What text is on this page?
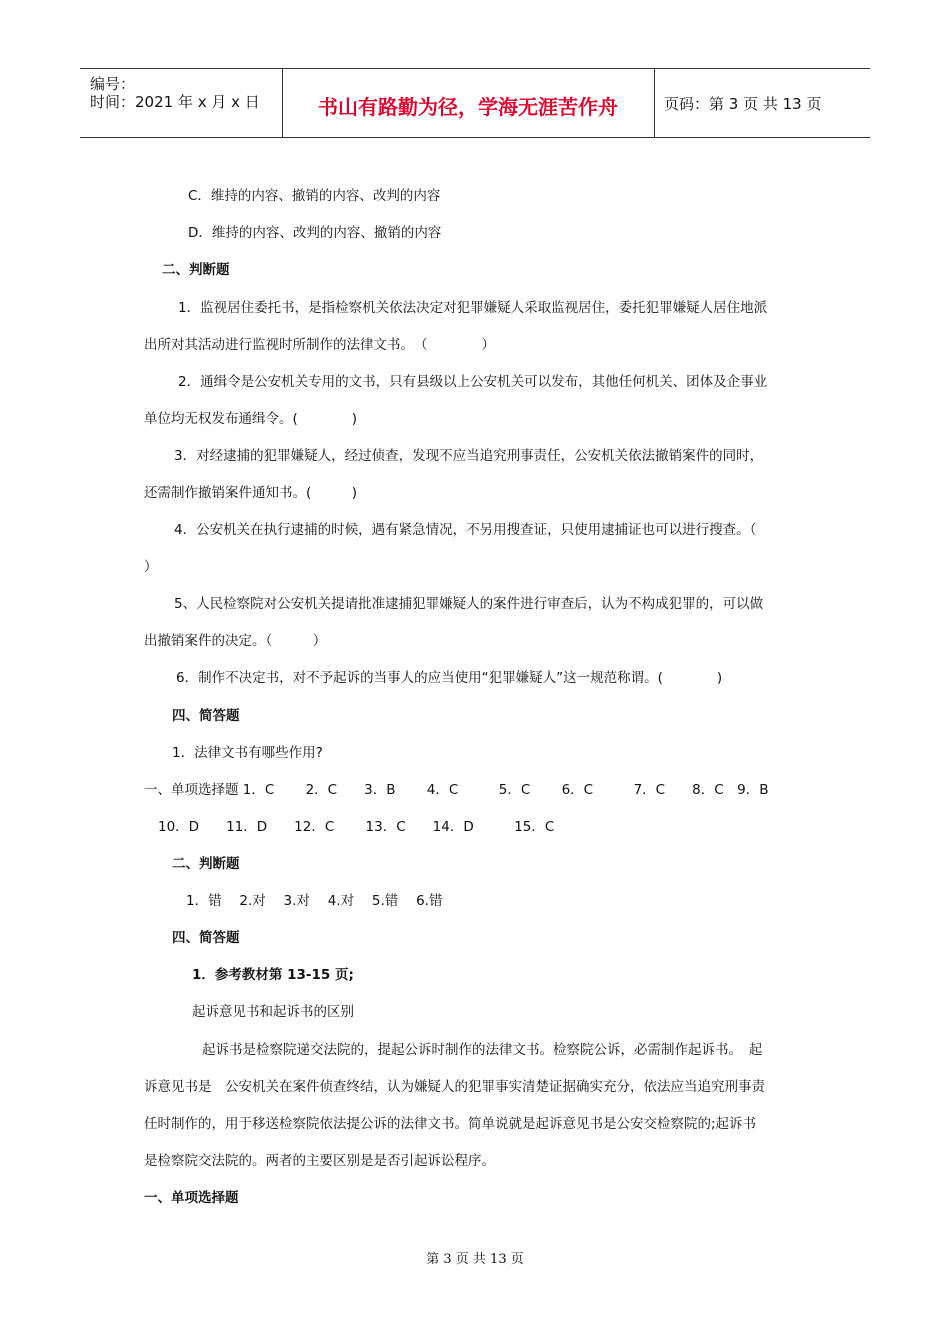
编号：
时间：2021 年 x 月 x 日	书山有路勤为径，学海无涯苦作舟	页码：第 3 页 共 13 页
C．维持的内容、撤销的内容、改判的内容
D．维持的内容、改判的内容、撤销的内容
二、判断题
1．监视居住委托书，是指检察机关依法决定对犯罪嫌疑人采取监视居住，委托犯罪嫌疑人居住地派
出所对其活动进行监视时所制作的法律文书。　（　　　　）
2．通缉令是公安机关专用的文书，只有县级以上公安机关可以发布，其他任何机关、团体及企事业
单位均无权发布通缉令。(　　　　)
3．对经逮捕的犯罪嫌疑人，经过侦查，发现不应当追究刑事责任，公安机关依法撤销案件的同时，
还需制作撤销案件通知书。(　　　)
4．公安机关在执行逮捕的时候，遇有紧急情况，不另用搜查证，只使用逮捕证也可以进行搜查。（
）
5、人民检察院对公安机关提请批准逮捕犯罪嫌疑人的案件进行审查后，认为不构成犯罪的，可以做
出撤销案件的决定。（　　　）
6．制作不决定书，对不予起诉的当事人的应当使用“犯罪嫌疑人”这一规范称谓。(　　　　)
四、简答题
1．法律文书有哪些作用?
一、单项选择题 1．C　　 2．C　　3．B　　 4．C　　　5．C　　 6．C　　　7．C　　8．C　9．B
10．D　　11．D　　12．C　　 13．C　　14．D　　　15．C
二、判断题
1．错　 2.对　 3.对　 4.对　 5.错　 6.错
四、简答题
1．参考教材第 13-15 页;
起诉意见书和起诉书的区别
起诉书是检察院递交法院的，提起公诉时制作的法律文书。检察院公诉，必需制作起诉书。　起
诉意见书是　公安机关在案件侦查终结，认为嫌疑人的犯罪事实清楚证据确实充分，依法应当追究刑事责
任时制作的，用于移送检察院依法提公诉的法律文书。简单说就是起诉意见书是公安交检察院的;起诉书
是检察院交法院的。两者的主要区别是是否引起诉讼程序。
一、单项选择题
第 3 页 共 13 页
